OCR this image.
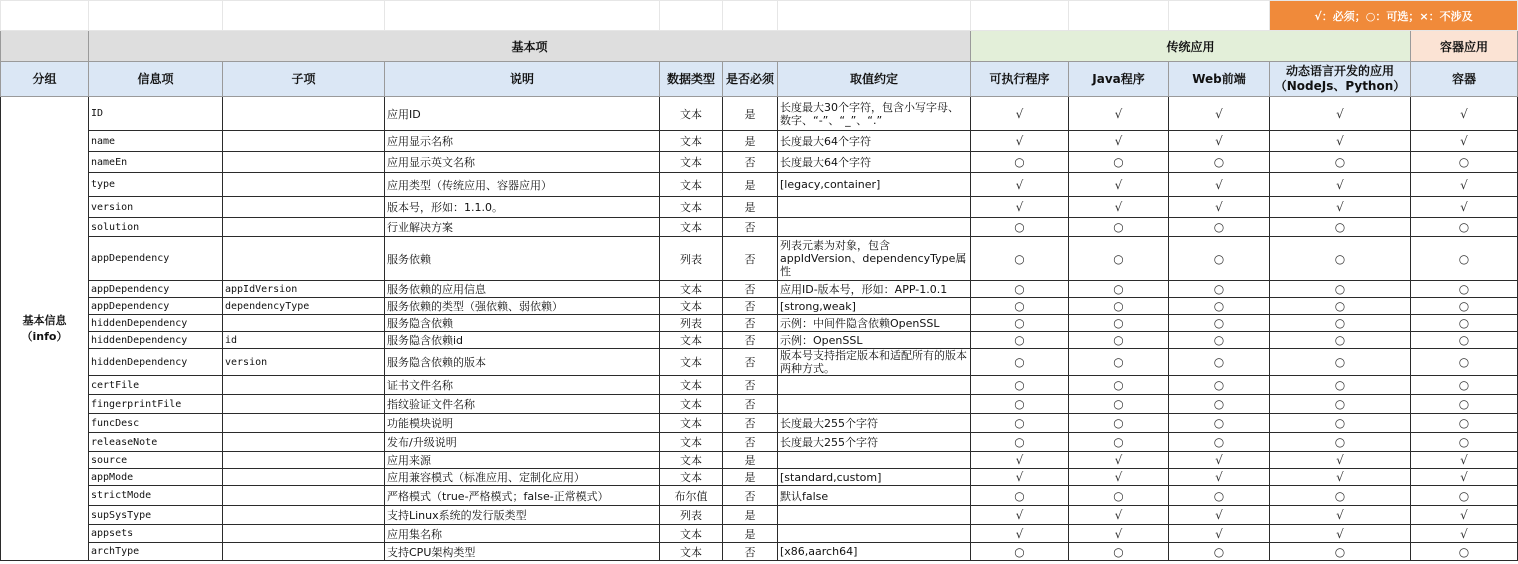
										√：必须；○：可选；×：不涉及	
	基本项						传统应用				容器应用
分组	信息项	子项	说明	数据类型	是否必须	取值约定	可执行程序	Java程序	Web前端	动态语言开发的应用（NodeJs、Python）	容器
基本信息（info）	ID		应用ID	文本	是	长度最大30个字符，包含小写字母、数字、“-”、“_”、“.”	√	√	√	√	√
	name		应用显示名称	文本	是	长度最大64个字符	√	√	√	√	√
	nameEn		应用显示英文名称	文本	否	长度最大64个字符	○	○	○	○	○
	type		应用类型（传统应用、容器应用）	文本	是	[legacy,container]	√	√	√	√	√
	version		版本号，形如：1.1.0。	文本	是		√	√	√	√	√
	solution		行业解决方案	文本	否		○	○	○	○	○
	appDependency		服务依赖	列表	否	列表元素为对象，包含appIdVersion、dependencyType属性	○	○	○	○	○
	appDependency	appIdVersion	服务依赖的应用信息	文本	否	应用ID-版本号，形如：APP-1.0.1	○	○	○	○	○
	appDependency	dependencyType	服务依赖的类型（强依赖、弱依赖）	文本	否	[strong,weak]	○	○	○	○	○
	hiddenDependency		服务隐含依赖	列表	否	示例：中间件隐含依赖OpenSSL	○	○	○	○	○
	hiddenDependency	id	服务隐含依赖id	文本	否	示例：OpenSSL	○	○	○	○	○
	hiddenDependency	version	服务隐含依赖的版本	文本	否	版本号支持指定版本和适配所有的版本两种方式。	○	○	○	○	○
	certFile		证书文件名称	文本	否		○	○	○	○	○
	fingerprintFile		指纹验证文件名称	文本	否		○	○	○	○	○
	funcDesc		功能模块说明	文本	否	长度最大255个字符	○	○	○	○	○
	releaseNote		发布/升级说明	文本	否	长度最大255个字符	○	○	○	○	○
	source		应用来源	文本	是		√	√	√	√	√
	appMode		应用兼容模式（标准应用、定制化应用）	文本	是	[standard,custom]	√	√	√	√	√
	strictMode		严格模式（true-严格模式；false-正常模式）	布尔值	否	默认false	○	○	○	○	○
	supSysType		支持Linux系统的发行版类型	列表	是		√	√	√	√	√
	appsets		应用集名称	文本	是		√	√	√	√	√
	archType		支持CPU架构类型	文本	否	[x86,aarch64]	○	○	○	○	○
